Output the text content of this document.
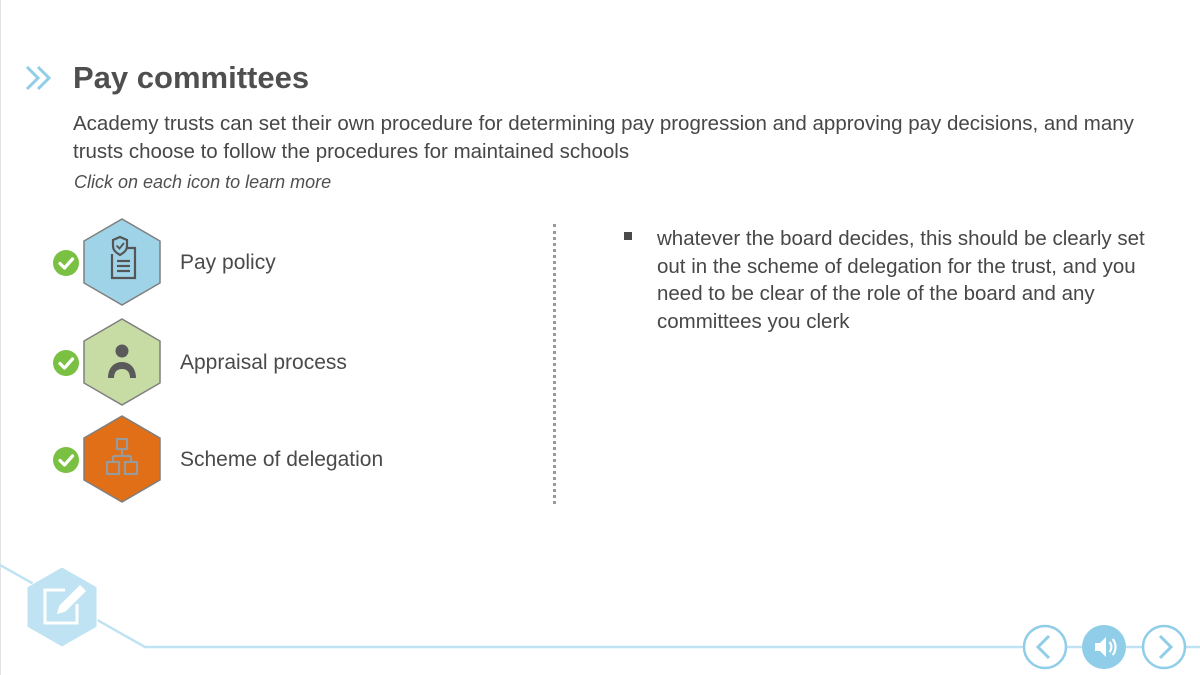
Pay committees

Academy trusts can set their own procedure for determining pay progression and approving pay decisions, and many trusts choose to follow the procedures for maintained schools

Click on each icon to learn more

Pay policy
Appraisal process
Scheme of delegation

whatever the board decides, this should be clearly set out in the scheme of delegation for the trust, and you need to be clear of the role of the board and any committees you clerk
